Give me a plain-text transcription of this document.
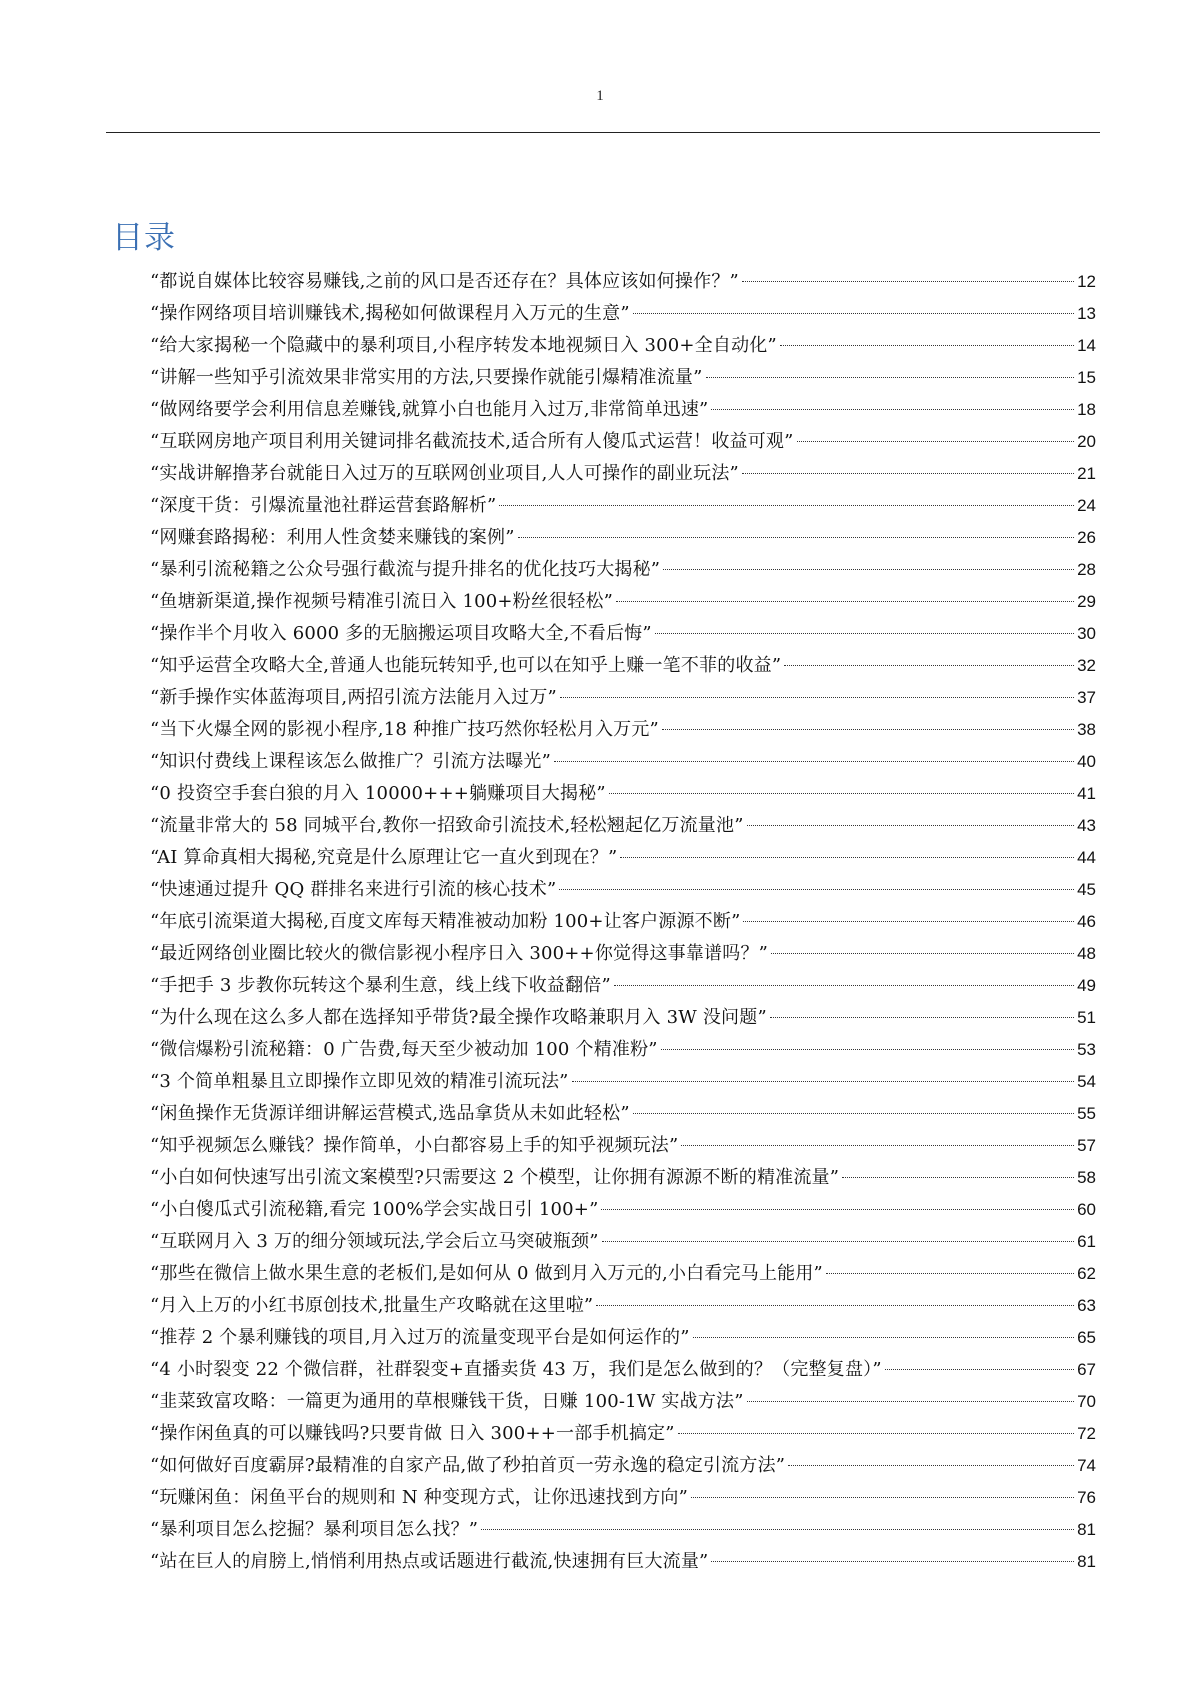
1
目录
“都说自媒体比较容易赚钱,之前的风口是否还存在？具体应该如何操作？”	12
“操作网络项目培训赚钱术,揭秘如何做课程月入万元的生意”	13
“给大家揭秘一个隐藏中的暴利项目,小程序转发本地视频日入 300+全自动化”	14
“讲解一些知乎引流效果非常实用的方法,只要操作就能引爆精准流量”	15
“做网络要学会利用信息差赚钱,就算小白也能月入过万,非常简单迅速”	18
“互联网房地产项目利用关键词排名截流技术,适合所有人傻瓜式运营！收益可观”	20
“实战讲解撸茅台就能日入过万的互联网创业项目,人人可操作的副业玩法”	21
“深度干货：引爆流量池社群运营套路解析”	24
“网赚套路揭秘：利用人性贪婪来赚钱的案例”	26
“暴利引流秘籍之公众号强行截流与提升排名的优化技巧大揭秘”	28
“鱼塘新渠道,操作视频号精准引流日入 100+粉丝很轻松”	29
“操作半个月收入 6000 多的无脑搬运项目攻略大全,不看后悔”	30
“知乎运营全攻略大全,普通人也能玩转知乎,也可以在知乎上赚一笔不菲的收益”	32
“新手操作实体蓝海项目,两招引流方法能月入过万”	37
“当下火爆全网的影视小程序,18 种推广技巧然你轻松月入万元”	38
“知识付费线上课程该怎么做推广？引流方法曝光”	40
“0 投资空手套白狼的月入 10000+++躺赚项目大揭秘”	41
“流量非常大的 58 同城平台,教你一招致命引流技术,轻松翘起亿万流量池”	43
“AI 算命真相大揭秘,究竟是什么原理让它一直火到现在？”	44
“快速通过提升 QQ 群排名来进行引流的核心技术”	45
“年底引流渠道大揭秘,百度文库每天精准被动加粉 100+让客户源源不断”	46
“最近网络创业圈比较火的微信影视小程序日入 300++你觉得这事靠谱吗？”	48
“手把手 3 步教你玩转这个暴利生意，线上线下收益翻倍”	49
“为什么现在这么多人都在选择知乎带货?最全操作攻略兼职月入 3W 没问题”	51
“微信爆粉引流秘籍：0 广告费,每天至少被动加 100 个精准粉”	53
“3 个简单粗暴且立即操作立即见效的精准引流玩法”	54
“闲鱼操作无货源详细讲解运营模式,选品拿货从未如此轻松”	55
“知乎视频怎么赚钱？操作简单，小白都容易上手的知乎视频玩法”	57
“小白如何快速写出引流文案模型?只需要这 2 个模型，让你拥有源源不断的精准流量”	58
“小白傻瓜式引流秘籍,看完 100%学会实战日引 100+”	60
“互联网月入 3 万的细分领域玩法,学会后立马突破瓶颈”	61
“那些在微信上做水果生意的老板们,是如何从 0 做到月入万元的,小白看完马上能用”	62
“月入上万的小红书原创技术,批量生产攻略就在这里啦”	63
“推荐 2 个暴利赚钱的项目,月入过万的流量变现平台是如何运作的”	65
“4 小时裂变 22 个微信群，社群裂变+直播卖货 43 万，我们是怎么做到的？（完整复盘）”	67
“韭菜致富攻略：一篇更为通用的草根赚钱干货，日赚 100-1W 实战方法”	70
“操作闲鱼真的可以赚钱吗?只要肯做 日入 300++一部手机搞定”	72
“如何做好百度霸屏?最精准的自家产品,做了秒拍首页一劳永逸的稳定引流方法”	74
“玩赚闲鱼：闲鱼平台的规则和 N 种变现方式，让你迅速找到方向”	76
“暴利项目怎么挖掘？暴利项目怎么找？”	81
“站在巨人的肩膀上,悄悄利用热点或话题进行截流,快速拥有巨大流量”	81
